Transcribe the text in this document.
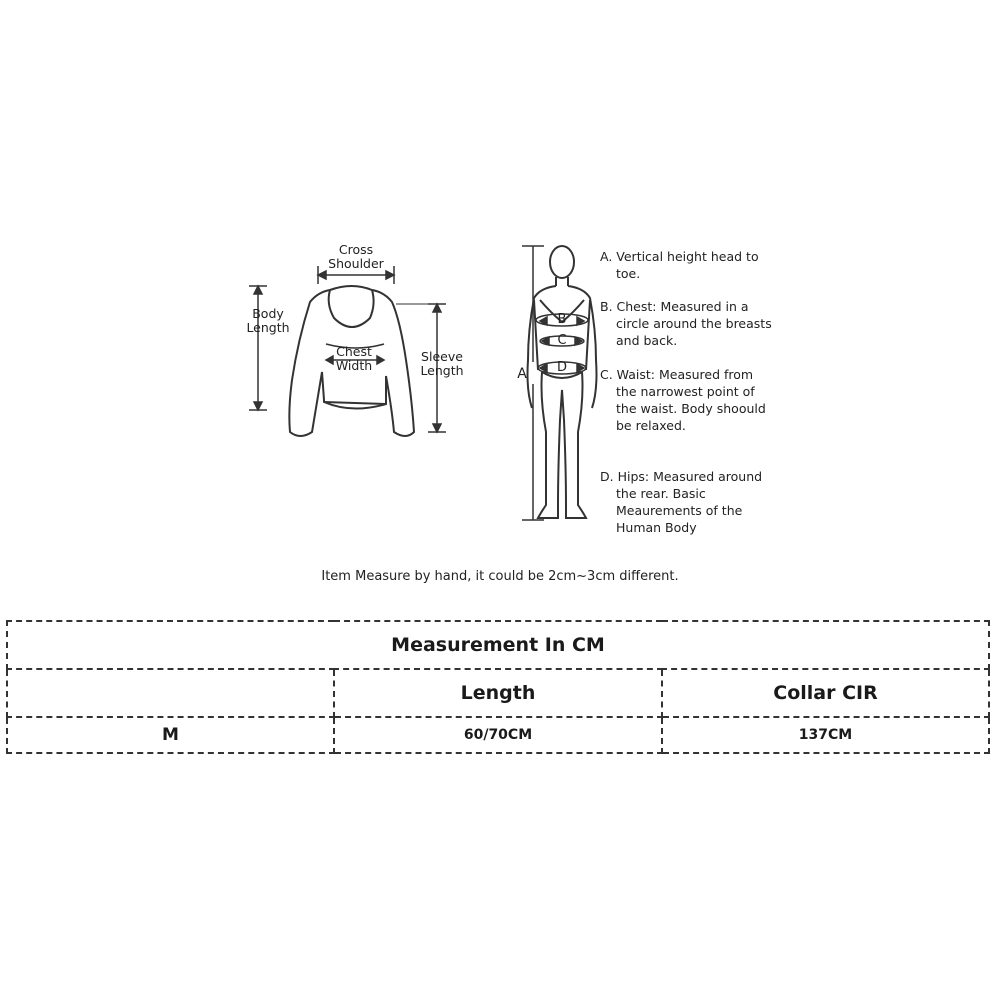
Cross
Shoulder
Body
Length
Chest
Width
Sleeve
Length	A
B
C
D
A. Vertical height head to toe.
B. Chest: Measured in a circle around the breasts and back.
C. Waist: Measured from the narrowest point of the waist. Body shoould be relaxed.
D. Hips: Measured around the rear. Basic Meaurements of the Human Body
Item Measure by hand, it could be 2cm~3cm different.
Measurement In CM		
	Length	Collar CIR
M	60/70CM	137CM
